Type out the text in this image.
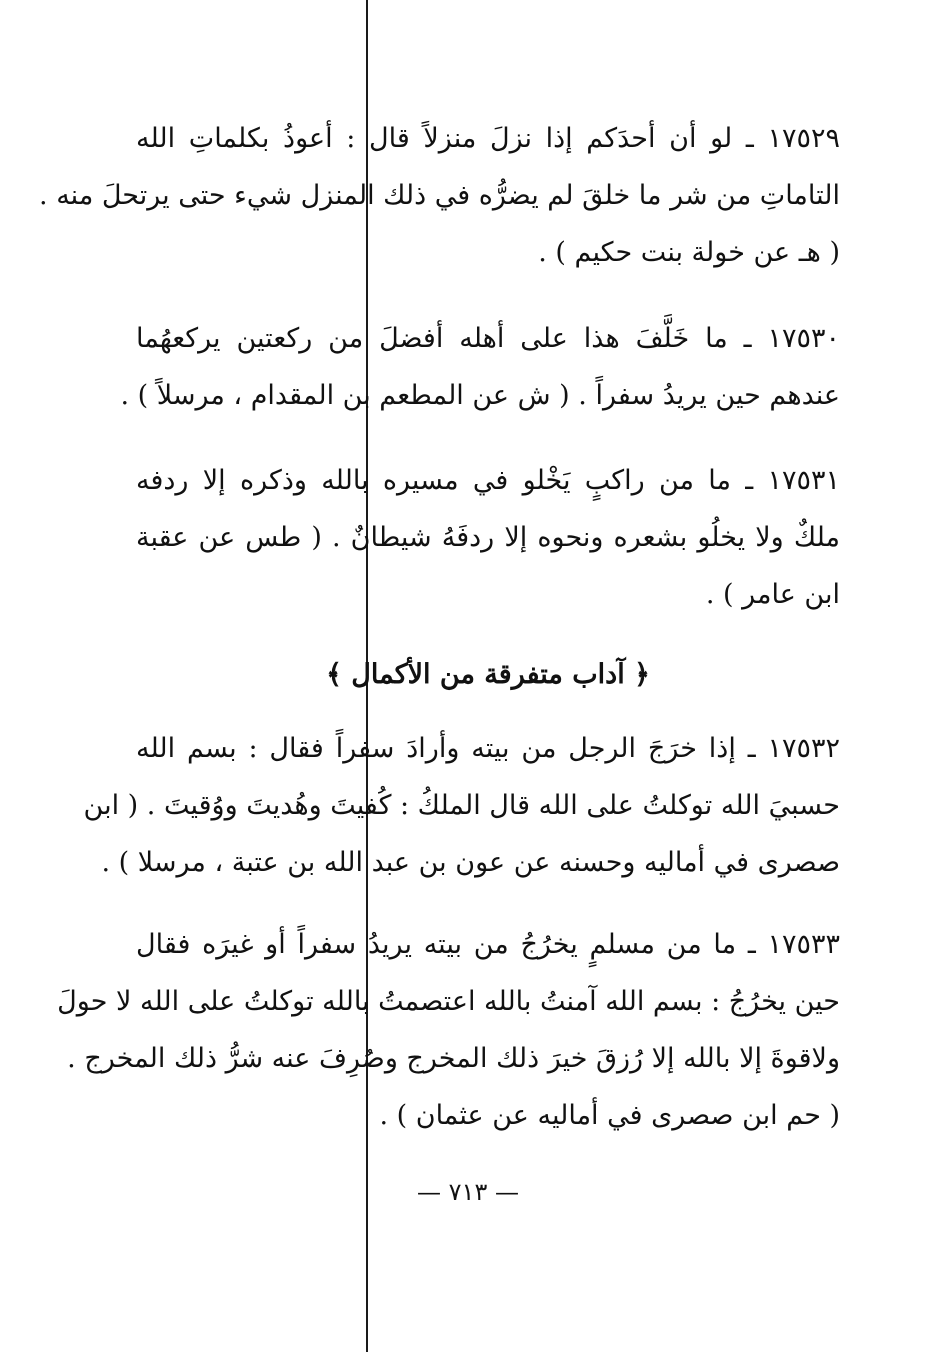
١٧٥٢٩ ـ لو أن أحدَكم إذا نزلَ منزلاً قال : أعوذُ بكلماتِ الله
التاماتِ من شر ما خلقَ لم يضرُّه في ذلك المنزل شيء حتى يرتحلَ منه .
( هـ عن خولة بنت حكيم ) .
١٧٥٣٠ ـ ما خَلَّفَ هذا على أهله أفضلَ من ركعتين يركعهُما
عندهم حين يريدُ سفراً . ( ش عن المطعم بن المقدام ، مرسلاً ) .
١٧٥٣١ ـ ما من راكبٍ يَخْلو في مسيره بالله وذكره إلا ردفه
ملكٌ ولا يخلُو بشعره ونحوه إلا ردفَهُ شيطانٌ . ( طس عن عقبة
ابن عامر ) .
﴿ آداب متفرقة من الأكمال ﴾
١٧٥٣٢ ـ إذا خرَجَ الرجل من بيته وأرادَ سفراً فقال : بسم الله
حسبيَ الله توكلتُ على الله قال الملكُ : كُفيتَ وهُديتَ ووُقيتَ . ( ابن
صصرى في أماليه وحسنه عن عون بن عبد الله بن عتبة ، مرسلا ) .
١٧٥٣٣ ـ ما من مسلمٍ يخرُجُ من بيته يريدُ سفراً أو غيرَه فقال
حين يخرُجُ : بسم الله آمنتُ بالله اعتصمتُ بالله توكلتُ على الله لا حولَ
ولاقوةَ إلا بالله إلا رُزقَ خيرَ ذلك المخرج وصُرِفَ عنه شرُّ ذلك المخرج .
( حم ابن صصرى في أماليه عن عثمان ) .
— ٧١٣ —
